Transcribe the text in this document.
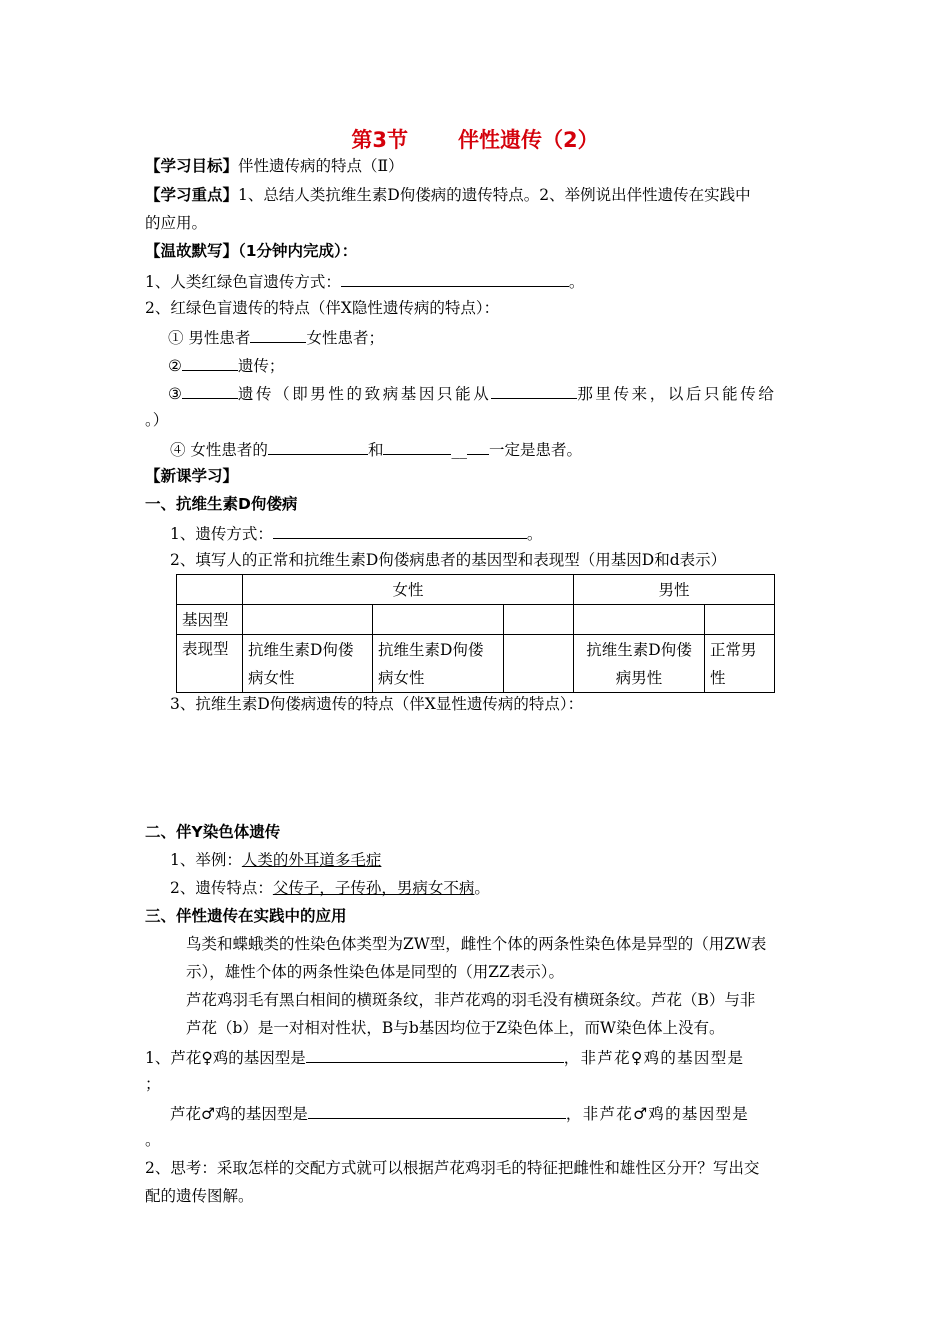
第3节 伴性遗传（2）
【学习目标】伴性遗传病的特点（Ⅱ）
【学习重点】1、总结人类抗维生素D佝偻病的遗传特点。2、举例说出伴性遗传在实践中
的应用。
【温故默写】（1分钟内完成）：
1、人类红绿色盲遗传方式：	。
2、红绿色盲遗传的特点（伴X隐性遗传病的特点）：
① 男性患者	女性患者；
②	遗传；
③	遗传（即男性的致病基因只能从	那里传来，以后只能传给
。）
④ 女性患者的	和	__ 一定是患者。
【新课学习】
一、抗维生素D佝偻病
1、遗传方式：	。
2、填写人的正常和抗维生素D佝偻病患者的基因型和表现型（用基因D和d表示）
	女性			男性	
基因型					
表现型	抗维生素D佝偻病女性	抗维生素D佝偻病女性		抗维生素D佝偻病男性	正常男性
3、抗维生素D佝偻病遗传的特点（伴X显性遗传病的特点）：
二、伴Y染色体遗传
1、举例：人类的外耳道多毛症
2、遗传特点：父传子，子传孙，男病女不病。
三、伴性遗传在实践中的应用
鸟类和蝶蛾类的性染色体类型为ZW型，雌性个体的两条性染色体是异型的（用ZW表
示），雄性个体的两条性染色体是同型的（用ZZ表示）。
芦花鸡羽毛有黑白相间的横斑条纹，非芦花鸡的羽毛没有横斑条纹。芦花（B）与非
芦花（b）是一对相对性状，B与b基因均位于Z染色体上，而W染色体上没有。
1、芦花♀鸡的基因型是	，非芦花♀鸡的基因型是
；
芦花♂鸡的基因型是	，非芦花♂鸡的基因型是
。
2、思考：采取怎样的交配方式就可以根据芦花鸡羽毛的特征把雌性和雄性区分开？写出交
配的遗传图解。
